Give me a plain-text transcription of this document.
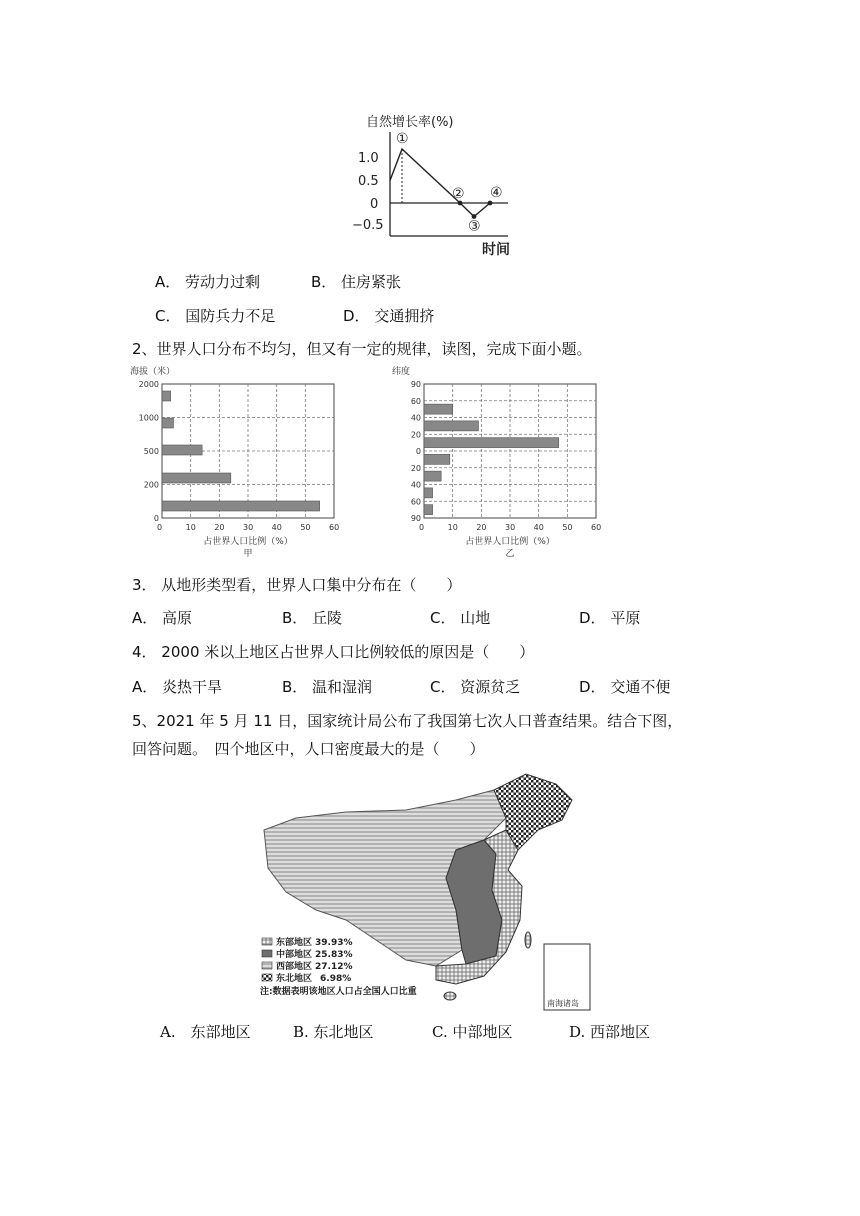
自然增长率(%)
1.0
0.5
0
−0.5
①
②
③
④
时间
A． 劳动力过剩	B． 住房紧张
C． 国防兵力不足	D． 交通拥挤
2、世界人口分布不均匀，但又有一定的规律，读图，完成下面小题。
0	10 20 30 40 50 60
2000
1000
500
200
0
海拔（米）
占世界人口比例（%）
甲
0	10 20 30 40 50 60
90
60
40
20
0
20
40
60
90
纬度
占世界人口比例（%）
乙
3． 从地形类型看，世界人口集中分布在（　　）
A． 高原	B． 丘陵	C． 山地	D． 平原
4． 2000 米以上地区占世界人口比例较低的原因是（　　）
A． 炎热干旱	B． 温和湿润	C． 资源贫乏	D． 交通不便
5、2021 年 5 月 11 日，国家统计局公布了我国第七次人口普查结果。结合下图，
回答问题。　四个地区中，人口密度最大的是（　　）
南海诸岛
东部地区 39.93%
中部地区 25.83%
西部地区 27.12%
东北地区 6.98%
注:数据表明该地区人口占全国人口比重
A.　东部地区	B. 东北地区	C. 中部地区	D. 西部地区
